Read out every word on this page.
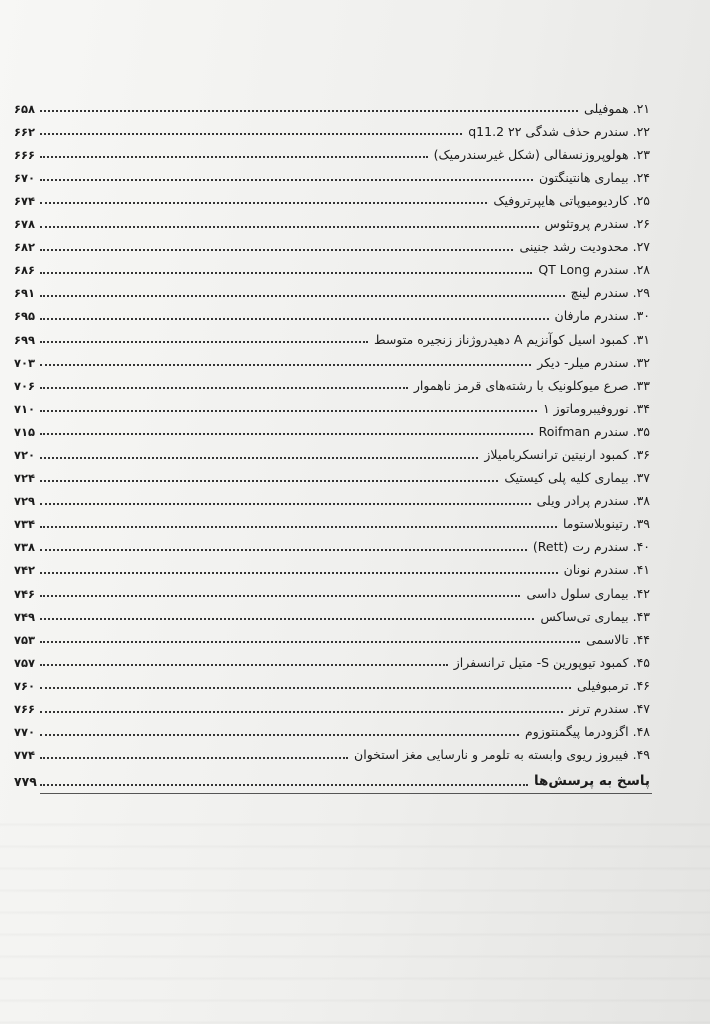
۲۱. هموفیلی
۶۵۸
۲۲. سندرم حذف شدگی ۲۲ q11.2
۶۶۲
۲۳. هولوپروزنسفالی (شکل غیرسندرمیک)
۶۶۶
۲۴. بیماری هانتینگتون
۶۷۰
۲۵. کاردیومیوپاتی هایپرتروفیک
۶۷۴
۲۶. سندرم پروتئوس
۶۷۸
۲۷. محدودیت رشد جنینی
۶۸۲
۲۸. سندرم QT Long
۶۸۶
۲۹. سندرم لینچ
۶۹۱
۳۰. سندرم مارفان
۶۹۵
۳۱. کمبود اسیل کوآنزیم A دهیدروژناز زنجیره متوسط
۶۹۹
۳۲. سندرم میلر- دیکر
۷۰۳
۳۳. صرع میوکلونیک با رشته‌های قرمز ناهموار
۷۰۶
۳۴. نوروفیبروماتوز ۱
۷۱۰
۳۵. سندرم Roifman
۷۱۵
۳۶. کمبود ارنیتین ترانسکرباميلاز
۷۲۰
۳۷. بیماری کلیه پلی کیستیک
۷۲۴
۳۸. سندرم پرادر ویلی
۷۲۹
۳۹. رتینوبلاستوما
۷۳۴
۴۰. سندرم رت (Rett)
۷۳۸
۴۱. سندرم نونان
۷۴۲
۴۲. بیماری سلول داسی
۷۴۶
۴۳. بیماری تی‌ساکس
۷۴۹
۴۴. تالاسمی
۷۵۳
۴۵. کمبود تیوپورین S- متیل ترانسفراز
۷۵۷
۴۶. ترمبوفیلی
۷۶۰
۴۷. سندرم ترنر
۷۶۶
۴۸. اگزودرما پیگمنتوزوم
۷۷۰
۴۹. فیبروز ریوی وابسته به تلومر و نارسایی مغز استخوان
۷۷۴
پاسخ به پرسش‌ها
۷۷۹
